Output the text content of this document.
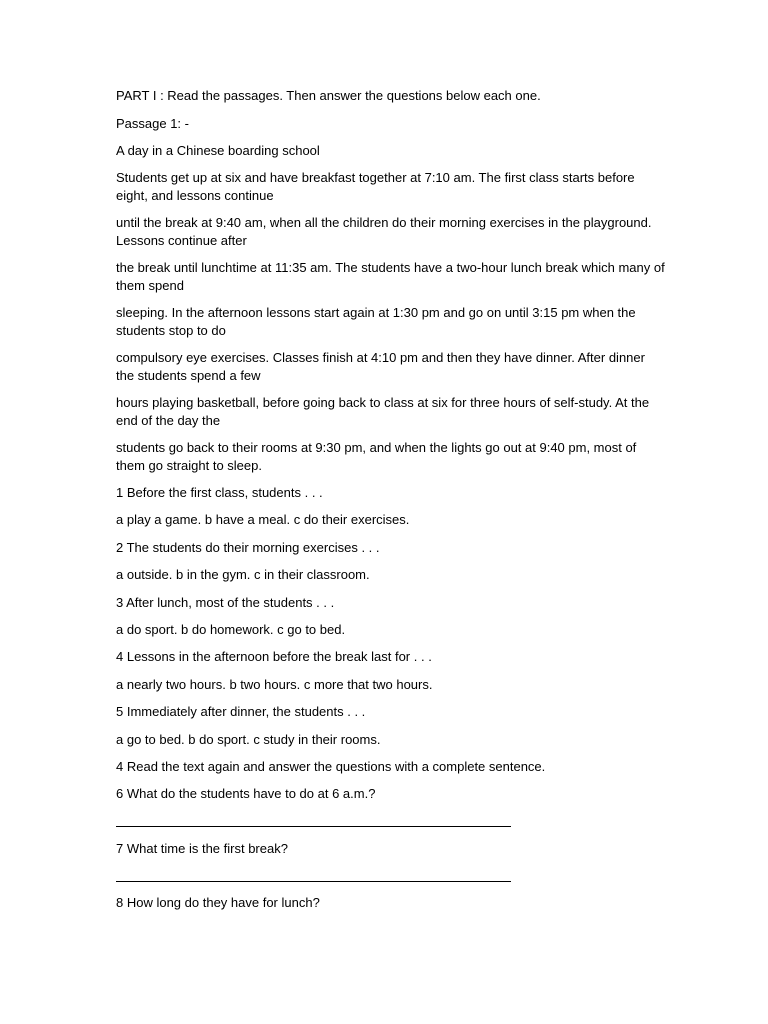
PART I : Read the passages. Then answer the questions below each one.
Passage 1: -
A day in a Chinese boarding school
Students get up at six and have breakfast together at 7:10 am. The first class starts before eight, and lessons continue
until the break at 9:40 am, when all the children do their morning exercises in the playground. Lessons continue after
the break until lunchtime at 11:35 am. The students have a two-hour lunch break which many of them spend
sleeping. In the afternoon lessons start again at 1:30 pm and go on until 3:15 pm when the students stop to do
compulsory eye exercises. Classes finish at 4:10 pm and then they have dinner. After dinner the students spend a few
hours playing basketball, before going back to class at six for three hours of self-study. At the end of the day the
students go back to their rooms at 9:30 pm, and when the lights go out at 9:40 pm, most of them go straight to sleep.
1 Before the first class, students . . .
a play a game. b have a meal. c do their exercises.
2 The students do their morning exercises . . .
a outside. b in the gym. c in their classroom.
3 After lunch, most of the students . . .
a do sport. b do homework. c go to bed.
4 Lessons in the afternoon before the break last for . . .
a nearly two hours. b two hours. c more that two hours.
5 Immediately after dinner, the students . . .
a go to bed. b do sport. c study in their rooms.
4 Read the text again and answer the questions with a complete sentence.
6 What do the students have to do at 6 a.m.?
7 What time is the first break?
8 How long do they have for lunch?
